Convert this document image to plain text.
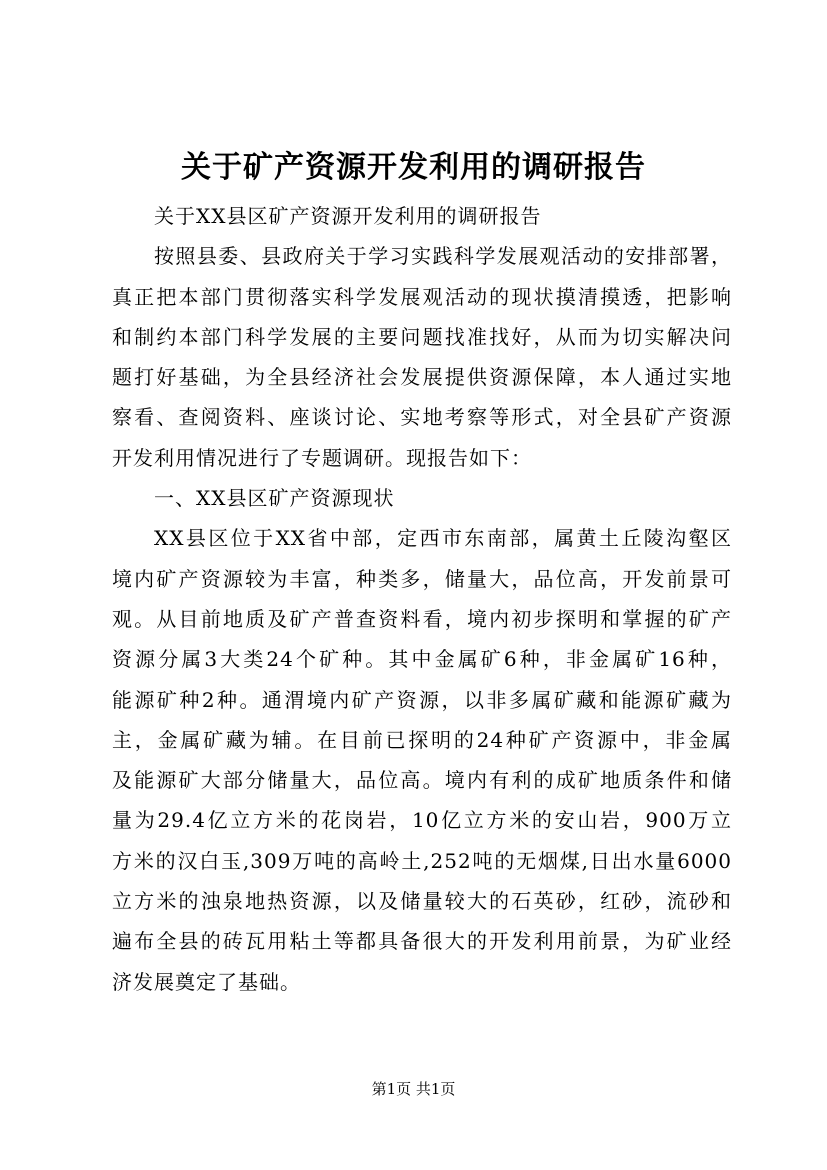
关于矿产资源开发利用的调研报告
关于XX县区矿产资源开发利用的调研报告
按照县委、县政府关于学习实践科学发展观活动的安排部署，
真正把本部门贯彻落实科学发展观活动的现状摸清摸透，把影响
和制约本部门科学发展的主要问题找准找好，从而为切实解决问
题打好基础，为全县经济社会发展提供资源保障，本人通过实地
察看、查阅资料、座谈讨论、实地考察等形式，对全县矿产资源
开发利用情况进行了专题调研。现报告如下：
一、XX县区矿产资源现状
XX县区位于XX省中部，定西市东南部，属黄土丘陵沟壑区
境内矿产资源较为丰富，种类多，储量大，品位高，开发前景可
观。从目前地质及矿产普查资料看，境内初步探明和掌握的矿产
资源分属3大类24个矿种。其中金属矿6种，非金属矿16种，
能源矿种2种。通渭境内矿产资源，以非多属矿藏和能源矿藏为
主，金属矿藏为辅。在目前已探明的24种矿产资源中，非金属
及能源矿大部分储量大，品位高。境内有利的成矿地质条件和储
量为29.4亿立方米的花岗岩，10亿立方米的安山岩，900万立
方米的汉白玉,309万吨的高岭土,252吨的无烟煤,日出水量6000
立方米的浊泉地热资源，以及储量较大的石英砂，红砂，流砂和
遍布全县的砖瓦用粘土等都具备很大的开发利用前景，为矿业经
济发展奠定了基础。
第1页 共1页
